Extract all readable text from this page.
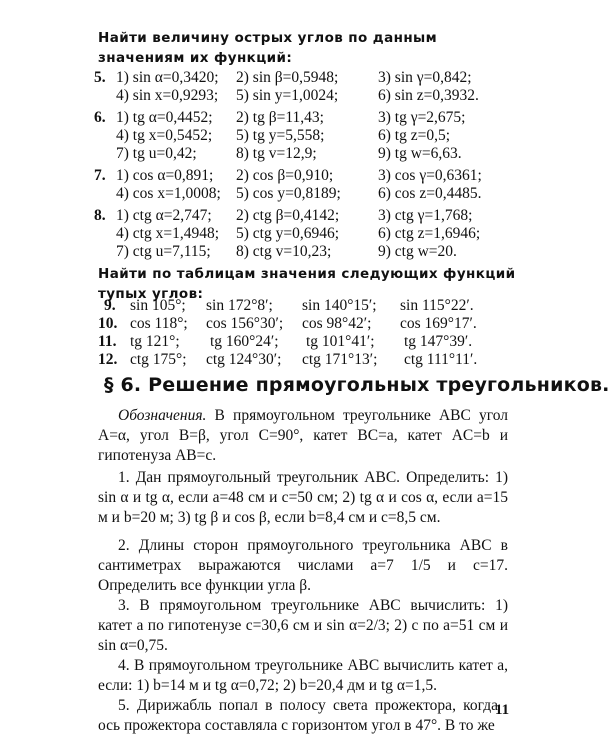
Найти величину острых углов по данным значениям их функций:
5. 1) sin α=0,3420; 2) sin β=0,5948;	3) sin γ=0,842;
4) sin x=0,9293; 5) sin y=1,0024;	6) sin z=0,3932.
6. 1) tg α=0,4452; 2) tg β=11,43;	3) tg γ=2,675;
4) tg x=0,5452; 5) tg y=5,558;	6) tg z=0,5;
7) tg u=0,42;	8) tg v=12,9;	9) tg w=6,63.
7. 1) cos α=0,891; 2) cos β=0,910;	3) cos γ=0,6361;
4) cos x=1,0008; 5) cos y=0,8189; 6) cos z=0,4485.
8. 1) ctg α=2,747; 2) ctg β=0,4142;	3) ctg γ=1,768;
4) ctg x=1,4948; 5) ctg y=0,6946;	6) ctg z=1,6946;
7) ctg u=7,115; 8) ctg v=10,23;	9) ctg w=20.
Найти по таблицам значения следующих функций тупых углов:
9. sin 105°; sin 172°8′; sin 140°15′; sin 115°22′.
10. cos 118°; cos 156°30′; cos 98°42′; cos 169°17′.
11. tg 121°; tg 160°24′; tg 101°41′; tg 147°39′.
12. ctg 175°; ctg 124°30′; ctg 171°13′; ctg 111°11′.
§ 6. Решение прямоугольных треугольников.
Обозначения. В прямоугольном треугольнике ABC угол A=α, угол B=β, угол C=90°, катет BC=a, катет AC=b и гипотенуза AB=c.
1. Дан прямоугольный треугольник ABC. Определить: 1) sin α и tg α, если a=48 см и c=50 см; 2) tg α и cos α, если a=15 м и b=20 м; 3) tg β и cos β, если b=8,4 см и c=8,5 см.
2. Длины сторон прямоугольного треугольника ABC в сантиметрах выражаются числами a=7 1/5 и c=17. Определить все функции угла β.
3. В прямоугольном треугольнике ABC вычислить: 1) катет a по гипотенузе c=30,6 см и sin α=2/3; 2) c по a=51 см и sin α=0,75.
4. В прямоугольном треугольнике ABC вычислить катет a, если: 1) b=14 м и tg α=0,72; 2) b=20,4 дм и tg α=1,5.
5. Дирижабль попал в полосу света прожектора, когда ось прожектора составляла с горизонтом угол в 47°. В то же
11
